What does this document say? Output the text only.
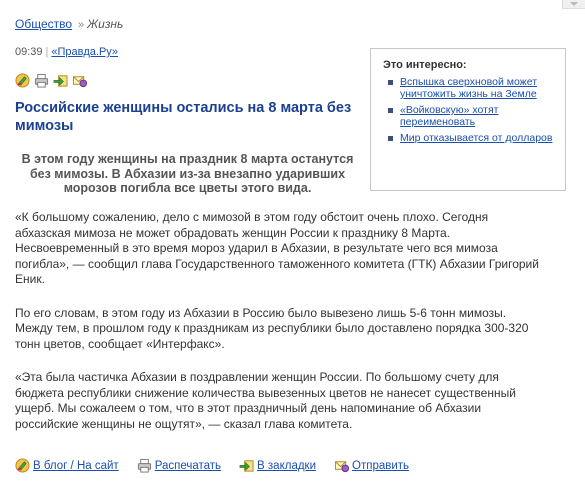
Общество » Жизнь
09:39 | «Правда.Ру»
Российские женщины остались на 8 марта без мимозы

В этом году женщины на праздник 8 марта останутся без мимозы. В Абхазии из-за внезапно ударивших морозов погибла все цветы этого вида.

Это интересно:
Вспышка сверхновой может уничтожить жизнь на Земле
«Войковскую» хотят переименовать
Мир отказывается от долларов

«К большому сожалению, дело с мимозой в этом году обстоит очень плохо. Сегодня абхазская мимоза не может обрадовать женщин России к празднику 8 Марта. Несвоевременный в это время мороз ударил в Абхазии, в результате чего вся мимоза погибла», — сообщил глава Государственного таможенного комитета (ГТК) Абхазии Григорий Еник.

По его словам, в этом году из Абхазии в Россию было вывезено лишь 5-6 тонн мимозы. Между тем, в прошлом году к праздникам из республики было доставлено порядка 300-320 тонн цветов, сообщает «Интерфакс».

«Эта была частичка Абхазии в поздравлении женщин России. По большому счету для бюджета республики снижение количества вывезенных цветов не нанесет существенный ущерб. Мы сожалеем о том, что в этот праздничный день напоминание об Абхазии российские женщины не ощутят», — сказал глава комитета.

В блог / На сайт	Распечатать	В закладки	Отправить
